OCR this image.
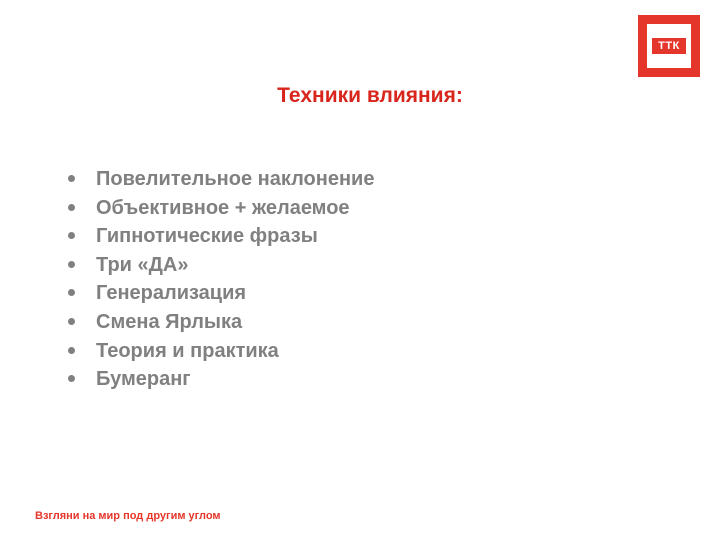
ТТК
Техники влияния:
Повелительное наклонение
Объективное + желаемое
Гипнотические фразы
Три «ДА»
Генерализация
Смена Ярлыка
Теория и практика
Бумеранг
Взгляни на мир под другим углом
